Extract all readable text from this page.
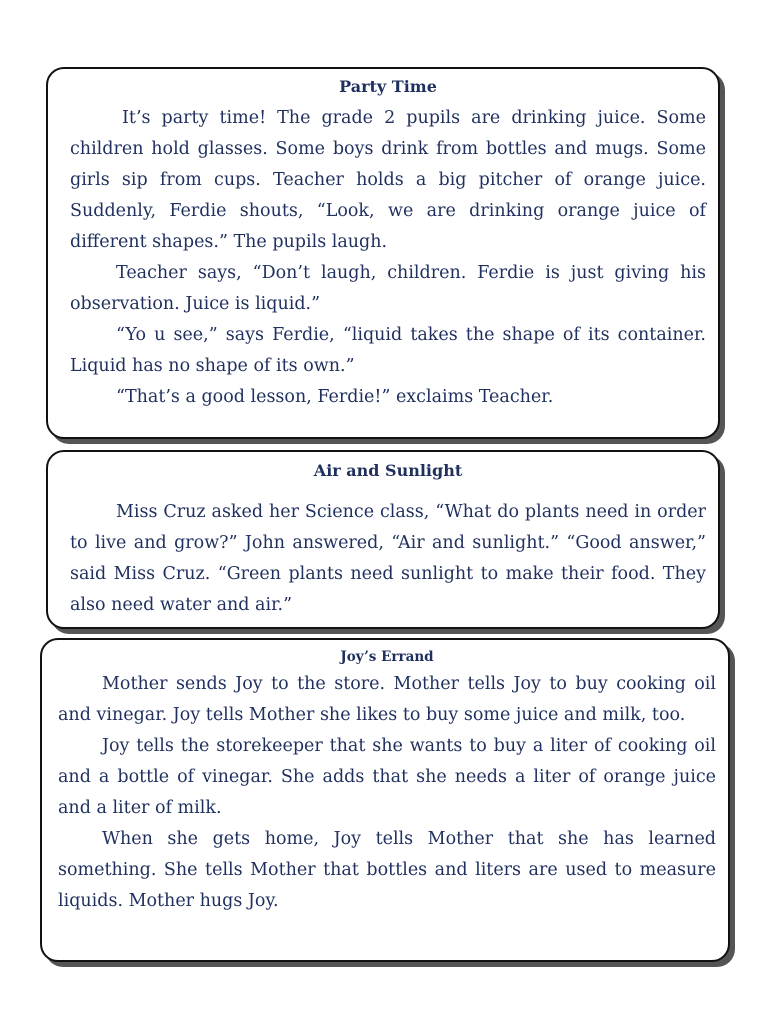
Party Time

It’s party time! The grade 2 pupils are drinking juice. Some children hold glasses. Some boys drink from bottles and mugs. Some girls sip from cups. Teacher holds a big pitcher of orange juice. Suddenly, Ferdie shouts, “Look, we are drinking orange juice of different shapes.” The pupils laugh.

Teacher says, “Don’t laugh, children. Ferdie is just giving his observation. Juice is liquid.”

“Yo u see,” says Ferdie, “liquid takes the shape of its container. Liquid has no shape of its own.”

“That’s a good lesson, Ferdie!” exclaims Teacher.

Air and Sunlight

Miss Cruz asked her Science class, “What do plants need in order to live and grow?” John answered, “Air and sunlight.” “Good answer,” said Miss Cruz. “Green plants need sunlight to make their food. They also need water and air.”

Joy’s Errand

Mother sends Joy to the store. Mother tells Joy to buy cooking oil and vinegar. Joy tells Mother she likes to buy some juice and milk, too.

Joy tells the storekeeper that she wants to buy a liter of cooking oil and a bottle of vinegar. She adds that she needs a liter of orange juice and a liter of milk.

When she gets home, Joy tells Mother that she has learned something. She tells Mother that bottles and liters are used to measure liquids. Mother hugs Joy.
